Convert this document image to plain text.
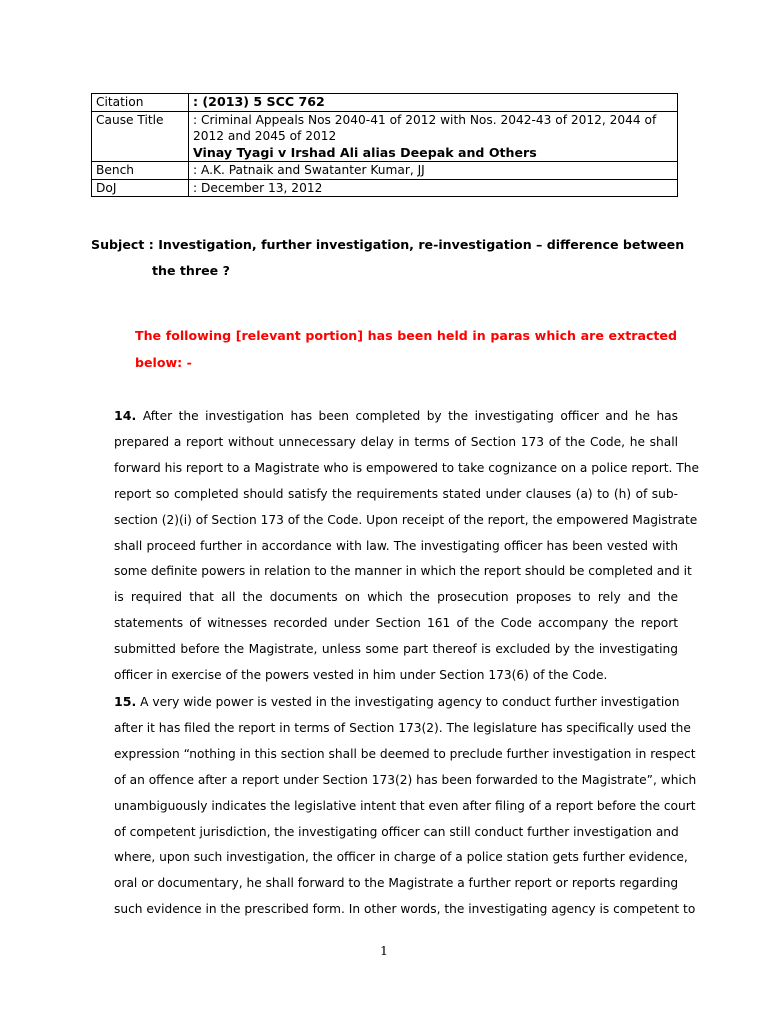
Citation	: (2013) 5 SCC 762
Cause Title	: Criminal Appeals Nos 2040-41 of 2012 with Nos. 2042-43 of 2012, 2044 of 2012 and 2045 of 2012
Vinay Tyagi v Irshad Ali alias Deepak and Others

Bench	: A.K. Patnaik and Swatanter Kumar, JJ
DoJ	: December 13, 2012
Subject : Investigation, further investigation, re-investigation – difference between
the three ?
The following [relevant portion] has been held in paras which are extracted below: -

14. After the investigation has been completed by the investigating officer and he has
prepared a report without unnecessary delay in terms of Section 173 of the Code, he shall
forward his report to a Magistrate who is empowered to take cognizance on a police report. The
report so completed should satisfy the requirements stated under clauses (a) to (h) of sub-
section (2)(i) of Section 173 of the Code. Upon receipt of the report, the empowered Magistrate
shall proceed further in accordance with law. The investigating officer has been vested with
some definite powers in relation to the manner in which the report should be completed and it
is required that all the documents on which the prosecution proposes to rely and the
statements of witnesses recorded under Section 161 of the Code accompany the report
submitted before the Magistrate, unless some part thereof is excluded by the investigating
officer in exercise of the powers vested in him under Section 173(6) of the Code.

15. A very wide power is vested in the investigating agency to conduct further investigation
after it has filed the report in terms of Section 173(2). The legislature has specifically used the
expression “nothing in this section shall be deemed to preclude further investigation in respect
of an offence after a report under Section 173(2) has been forwarded to the Magistrate”, which
unambiguously indicates the legislative intent that even after filing of a report before the court
of competent jurisdiction, the investigating officer can still conduct further investigation and
where, upon such investigation, the officer in charge of a police station gets further evidence,
oral or documentary, he shall forward to the Magistrate a further report or reports regarding
such evidence in the prescribed form. In other words, the investigating agency is competent to

1
